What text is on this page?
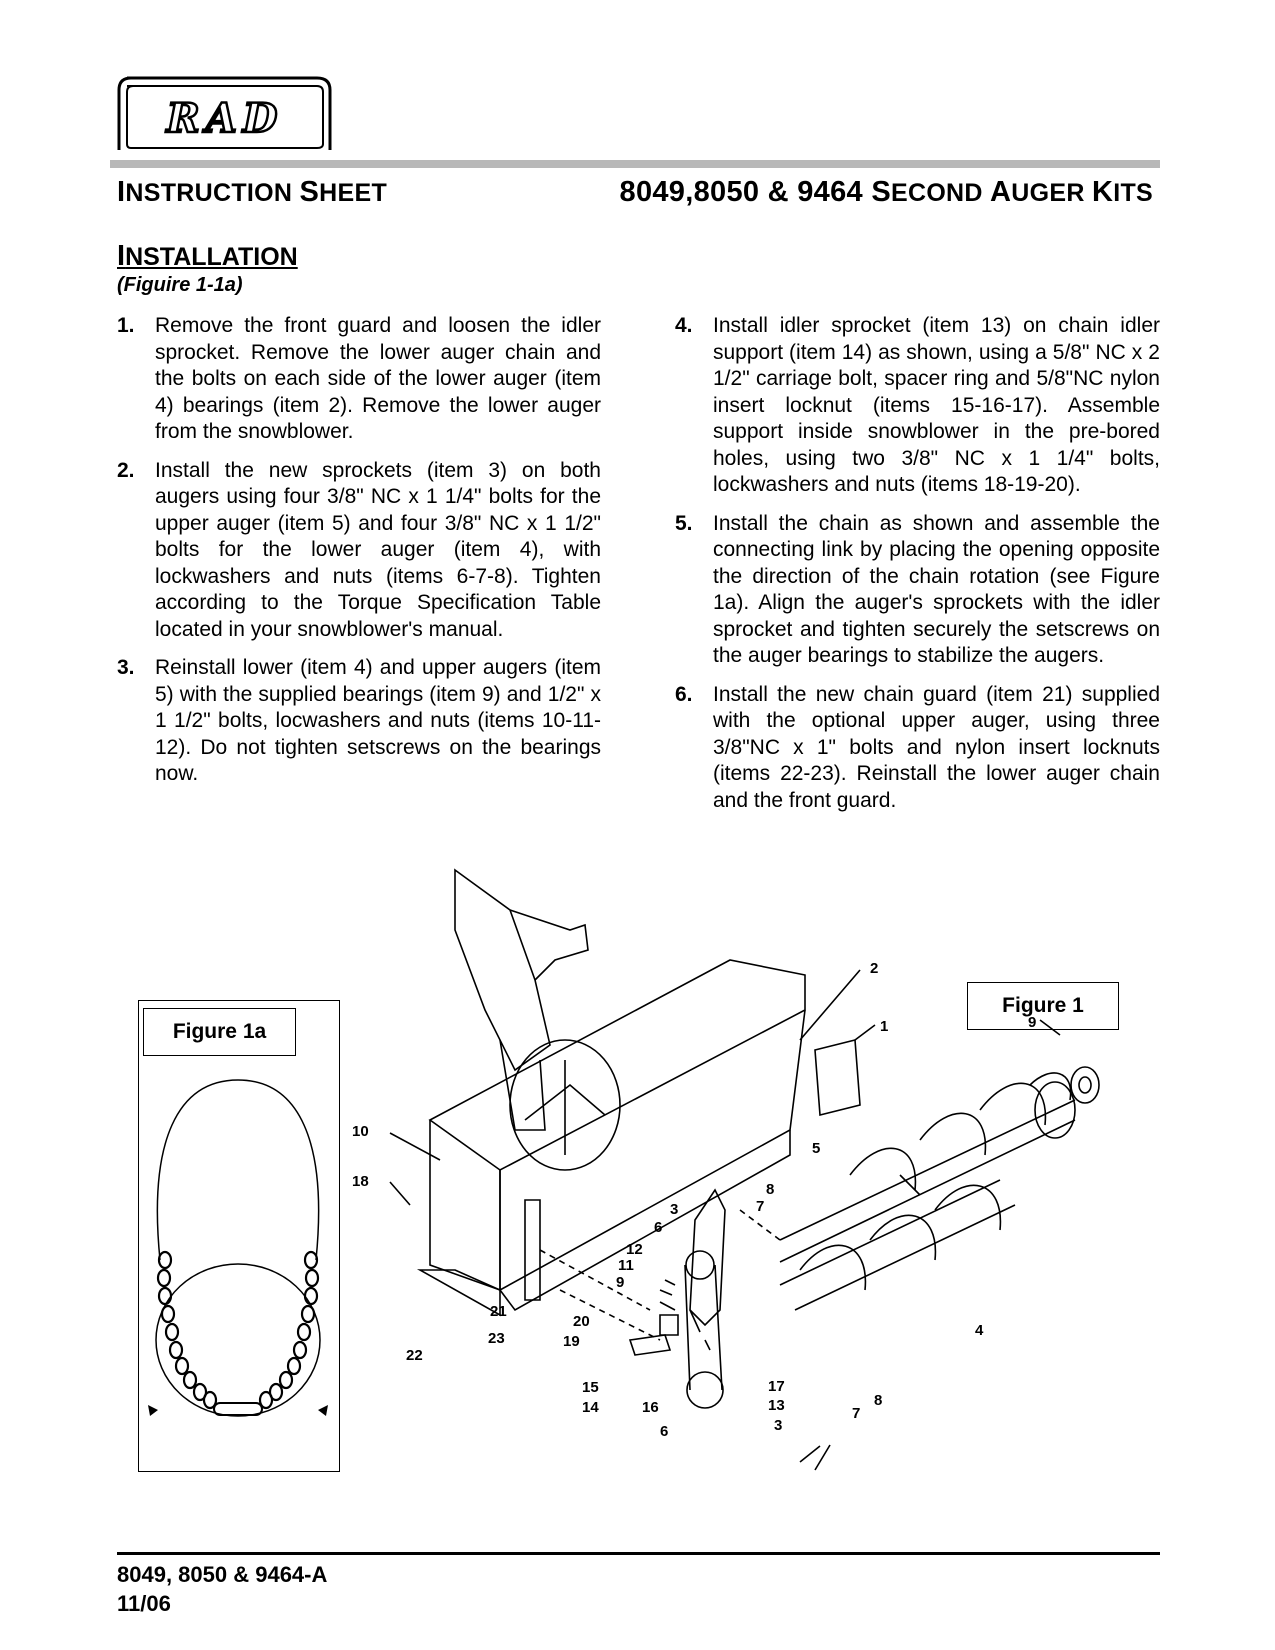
RAD
INSTRUCTION SHEET	8049,8050 & 9464 SECOND AUGER KITS
INSTALLATION
(Figuire 1-1a)
1. Remove the front guard and loosen the idler sprocket. Remove the lower auger chain and the bolts on each side of the lower auger (item 4) bearings (item 2). Remove the lower auger from the snowblower.
2. Install the new sprockets (item 3) on both augers using four 3/8" NC x 1 1/4" bolts for the upper auger (item 5) and four 3/8" NC x 1 1/2" bolts for the lower auger (item 4), with lockwashers and nuts (items 6-7-8). Tighten according to the Torque Specification Table located in your snowblower's manual.
3. Reinstall lower (item 4) and upper augers (item 5) with the supplied bearings (item 9) and 1/2" x 1 1/2" bolts, locwashers and nuts (items 10-11-12). Do not tighten setscrews on the bearings now.
4. Install idler sprocket (item 13) on chain idler support (item 14) as shown, using a 5/8" NC x 2 1/2" carriage bolt, spacer ring and 5/8"NC nylon insert locknut (items 15-16-17). Assemble support inside snowblower in the pre-bored holes, using two 3/8" NC x 1 1/4" bolts, lockwashers and nuts (items 18-19-20).
5. Install the chain as shown and assemble the connecting link by placing the opening opposite the direction of the chain rotation (see Figure 1a). Align the auger's sprockets with the idler sprocket and tighten securely the setscrews on the auger bearings to stabilize the augers.
6. Install the new chain guard (item 21) supplied with the optional upper auger, using three 3/8"NC x 1" bolts and nylon insert locknuts (items 22-23). Reinstall the lower auger chain and the front guard.
Figure 1a
Figure 1
2
1	9
10
18
5
8
7
3
6
12
11
9
4
21
20
23	19
22
15
14	16
6
17
13
3
8
7
8049, 8050 & 9464-A
11/06
